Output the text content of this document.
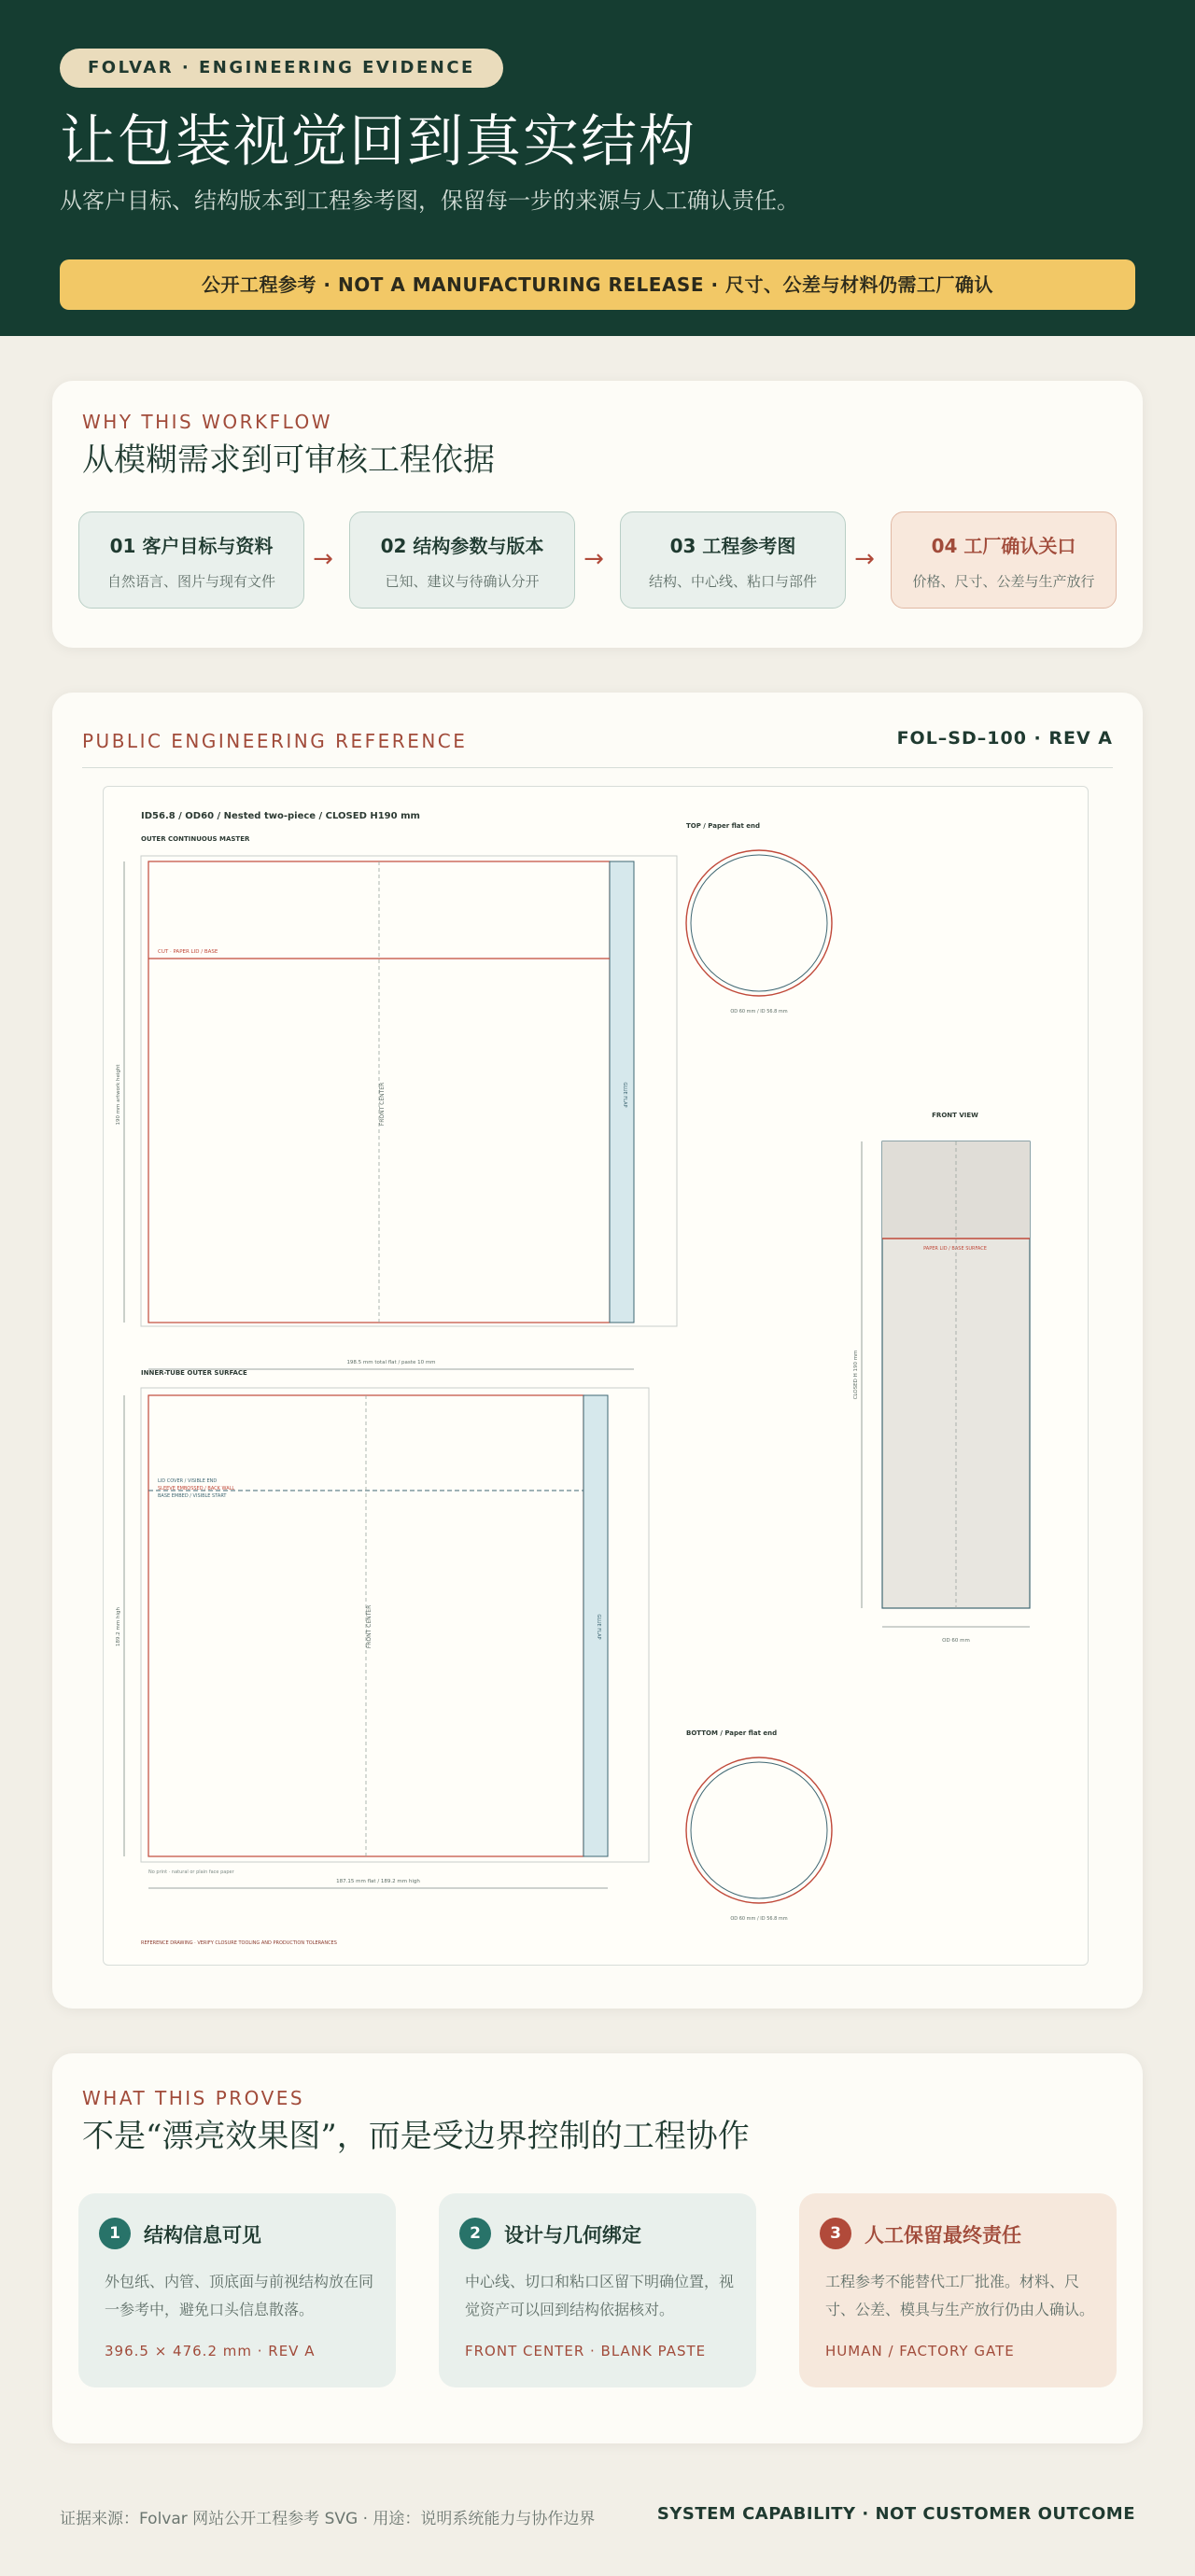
FOLVAR · ENGINEERING EVIDENCE
让包装视觉回到真实结构
从客户目标、结构版本到工程参考图，保留每一步的来源与人工确认责任。
公开工程参考 · NOT A MANUFACTURING RELEASE · 尺寸、公差与材料仍需工厂确认
WHY THIS WORKFLOW
从模糊需求到可审核工程依据
01 客户目标与资料
自然语言、图片与现有文件
→	02 结构参数与版本
已知、建议与待确认分开
→	03 工程参考图
结构、中心线、粘口与部件
→	04 工厂确认关口
价格、尺寸、公差与生产放行
PUBLIC ENGINEERING REFERENCE	FOL–SD–100 · REV A
ID56.8 / OD60 / Nested two-piece / CLOSED H190 mm
OUTER CONTINUOUS MASTER
CUT · PAPER LID / BASE
FRONT CENTER	GLUE FLAP
190 mm artwork height
198.5 mm total flat / paste 10 mm
INNER-TUBE OUTER SURFACE
LID COVER / VISIBLE END
SLEEVE EMBOSSED / BACK WALL
BASE EMBED / VISIBLE START
FRONT CENTER	GLUE FLAP
189.2 mm high
No print · natural or plain face paper
187.15 mm flat / 189.2 mm high
REFERENCE DRAWING · VERIFY CLOSURE TOOLING AND PRODUCTION TOLERANCES
TOP / Paper flat end
OD 60 mm / ID 56.8 mm
FRONT VIEW
PAPER LID / BASE SURFACE
CLOSED H 190 mm
OD 60 mm
BOTTOM / Paper flat end
OD 60 mm / ID 56.8 mm
WHAT THIS PROVES
不是“漂亮效果图”，而是受边界控制的工程协作
1	结构信息可见
外包纸、内管、顶底面与前视结构放在同一参考中，避免口头信息散落。
396.5 × 476.2 mm · REV A
2	设计与几何绑定
中心线、切口和粘口区留下明确位置，视觉资产可以回到结构依据核对。
FRONT CENTER · BLANK PASTE
3	人工保留最终责任
工程参考不能替代工厂批准。材料、尺寸、公差、模具与生产放行仍由人确认。
HUMAN / FACTORY GATE
证据来源：Folvar 网站公开工程参考 SVG · 用途：说明系统能力与协作边界	SYSTEM CAPABILITY · NOT CUSTOMER OUTCOME
